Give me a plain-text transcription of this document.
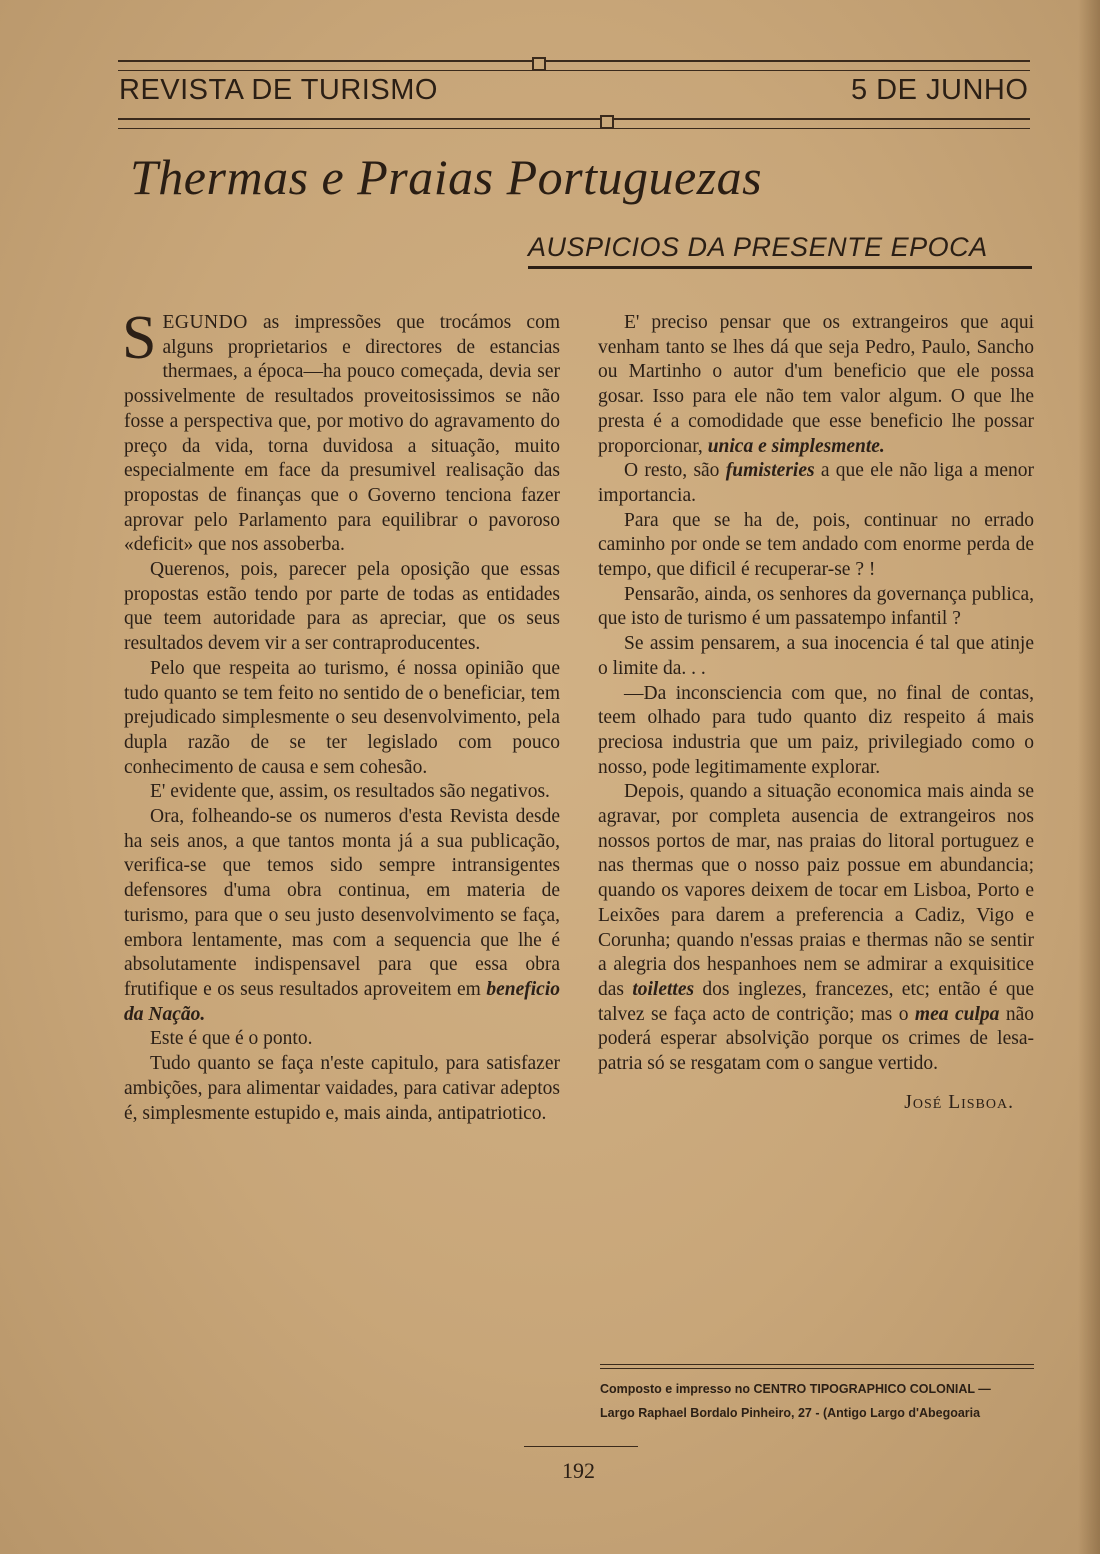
REVISTA DE TURISMO	5 DE JUNHO
Thermas e Praias Portuguezas
AUSPICIOS DA PRESENTE EPOCA

SEGUNDO as impressões que trocámos com alguns proprietarios e directores de estancias thermaes, a época—ha pouco começada, devia ser possivelmente de resultados proveitosissimos se não fosse a perspectiva que, por motivo do agravamento do preço da vida, torna duvidosa a situação, muito especialmente em face da presumivel realisação das propostas de finanças que o Governo tenciona fazer aprovar pelo Parlamento para equilibrar o pavoroso «deficit» que nos assoberba.

Querenos, pois, parecer pela oposição que essas propostas estão tendo por parte de todas as entidades que teem autoridade para as apreciar, que os seus resultados devem vir a ser contraproducentes.

Pelo que respeita ao turismo, é nossa opinião que tudo quanto se tem feito no sentido de o beneficiar, tem prejudicado simplesmente o seu desenvolvimento, pela dupla razão de se ter legislado com pouco conhecimento de causa e sem cohesão.

E' evidente que, assim, os resultados são negativos.

Ora, folheando-se os numeros d'esta Revista desde ha seis anos, a que tantos monta já a sua publicação, verifica-se que temos sido sempre intransigentes defensores d'uma obra continua, em materia de turismo, para que o seu justo desenvolvimento se faça, embora lentamente, mas com a sequencia que lhe é absolutamente indispensavel para que essa obra frutifique e os seus resultados aproveitem em beneficio da Nação.

Este é que é o ponto.

Tudo quanto se faça n'este capitulo, para satisfazer ambições, para alimentar vaidades, para cativar adeptos é, simplesmente estupido e, mais ainda, antipatriotico.

E' preciso pensar que os extrangeiros que aqui venham tanto se lhes dá que seja Pedro, Paulo, Sancho ou Martinho o autor d'um beneficio que ele possa gosar. Isso para ele não tem valor algum. O que lhe presta é a comodidade que esse beneficio lhe possar proporcionar, unica e simplesmente.

O resto, são fumisteries a que ele não liga a menor importancia.

Para que se ha de, pois, continuar no errado caminho por onde se tem andado com enorme perda de tempo, que dificil é recuperar-se ? !

Pensarão, ainda, os senhores da governança publica, que isto de turismo é um passatempo infantil ?

Se assim pensarem, a sua inocencia é tal que atinje o limite da. . .

—Da inconsciencia com que, no final de contas, teem olhado para tudo quanto diz respeito á mais preciosa industria que um paiz, privilegiado como o nosso, pode legitimamente explorar.

Depois, quando a situação economica mais ainda se agravar, por completa ausencia de extrangeiros nos nossos portos de mar, nas praias do litoral portuguez e nas thermas que o nosso paiz possue em abundancia; quando os vapores deixem de tocar em Lisboa, Porto e Leixões para darem a preferencia a Cadiz, Vigo e Corunha; quando n'essas praias e thermas não se sentir a alegria dos hespanhoes nem se admirar a exquisitice das toilettes dos inglezes, francezes, etc; então é que talvez se faça acto de contrição; mas o mea culpa não poderá esperar absolvição porque os crimes de lesa-patria só se resgatam com o sangue vertido.

José Lisboa.
Composto e impresso no CENTRO TIPOGRAPHICO COLONIAL —
Largo Raphael Bordalo Pinheiro, 27 - (Antigo Largo d'Abegoaria
192
